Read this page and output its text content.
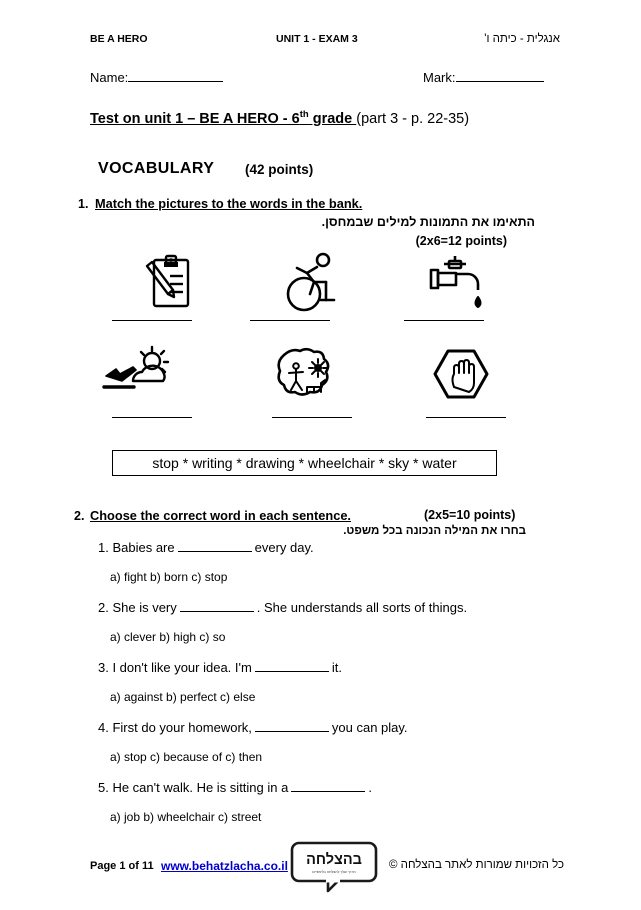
BE A HERO	UNIT 1 - EXAM 3	אנגלית - כיתה ו'
Name:	Mark:
Test on unit 1 – BE A HERO - 6th grade (part 3 - p. 22-35)
VOCABULARY (42 points)
1. Match the pictures to the words in the bank.
התאימו את התמונות למילים שבמחסן.
(2x6=12 points)
stop * writing * drawing * wheelchair * sky * water
2. Choose the correct word in each sentence.	(2x5=10 points)
בחרו את המילה הנכונה בכל משפט.
1. Babies are	every day.
a) fight b) born c) stop
2. She is very	. She understands all sorts of things.
a) clever b) high c) so
3. I don't like your idea. I'm	it.
a) against b) perfect c) else
4. First do your homework,	you can play.
a) stop c) because of c) then
5. He can't walk. He is sitting in a	.
a) job b) wheelchair c) street
Page 1 of 11 www.behatzlacha.co.il	כל הזכויות שמורות לאתר בהצלחה ©
בהצלחה
הדרך שלך להצלחה בלימודים
